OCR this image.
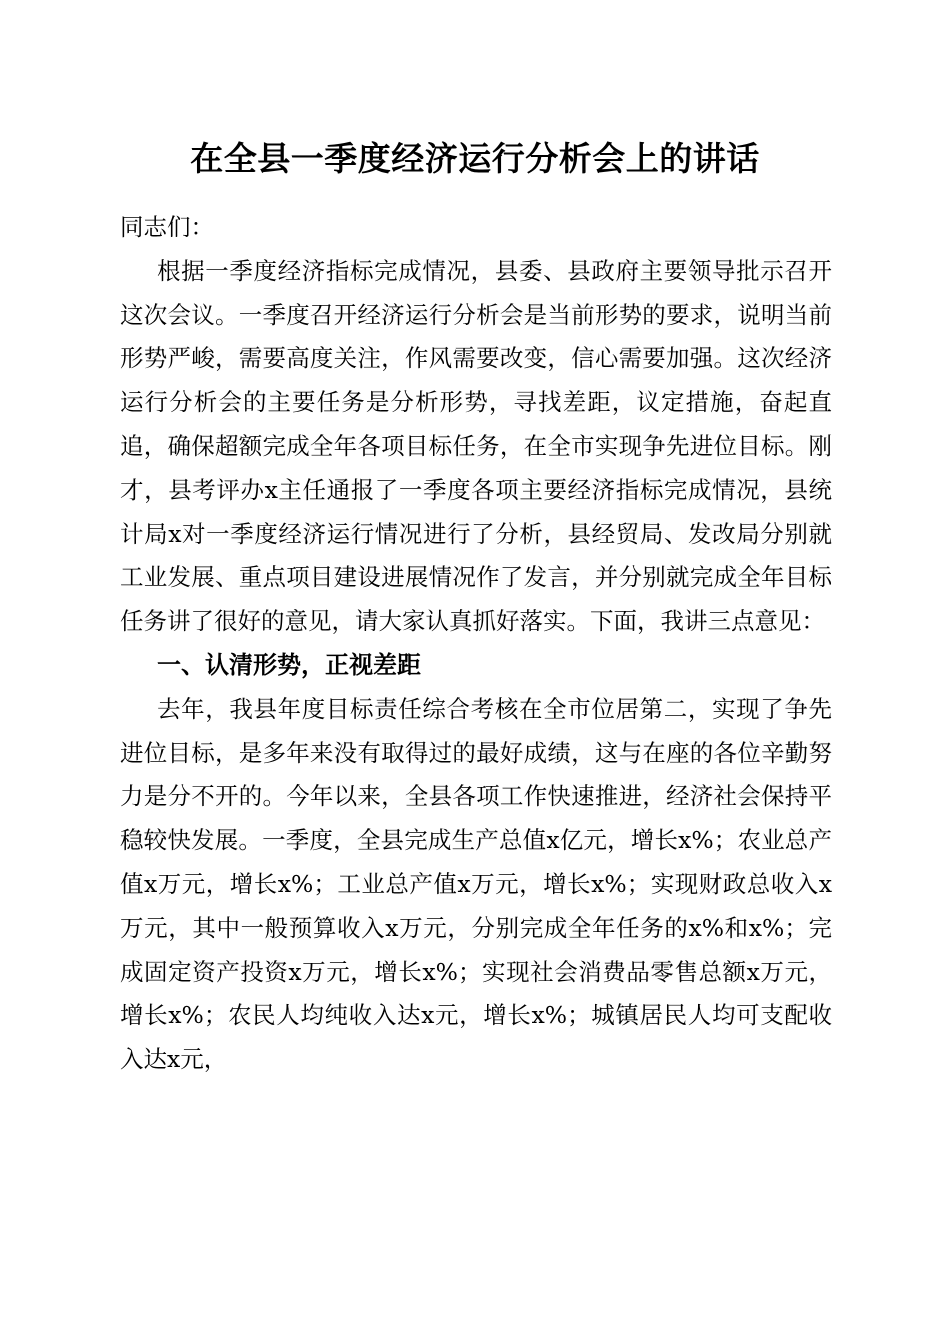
在全县一季度经济运行分析会上的讲话

同志们：

根据一季度经济指标完成情况，县委、县政府主要领导批示召开这次会议。一季度召开经济运行分析会是当前形势的要求，说明当前形势严峻，需要高度关注，作风需要改变，信心需要加强。这次经济运行分析会的主要任务是分析形势，寻找差距，议定措施，奋起直追，确保超额完成全年各项目标任务，在全市实现争先进位目标。刚才，县考评办x主任通报了一季度各项主要经济指标完成情况，县统计局x对一季度经济运行情况进行了分析，县经贸局、发改局分别就工业发展、重点项目建设进展情况作了发言，并分别就完成全年目标任务讲了很好的意见，请大家认真抓好落实。下面，我讲三点意见：

一、认清形势，正视差距

去年，我县年度目标责任综合考核在全市位居第二，实现了争先进位目标，是多年来没有取得过的最好成绩，这与在座的各位辛勤努力是分不开的。今年以来，全县各项工作快速推进，经济社会保持平稳较快发展。一季度，全县完成生产总值x亿元，增长x%；农业总产值x万元，增长x%；工业总产值x万元，增长x%；实现财政总收入x万元，其中一般预算收入x万元，分别完成全年任务的x%和x%；完成固定资产投资x万元，增长x%；实现社会消费品零售总额x万元，增长x%；农民人均纯收入达x元，增长x%；城镇居民人均可支配收入达x元，
